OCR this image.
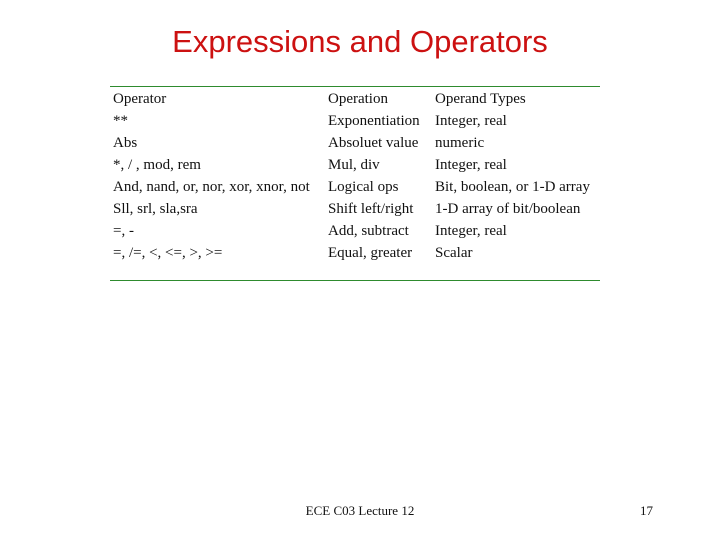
Expressions and Operators
Operator	Operation	Operand Types
**	Exponentiation	Integer, real
Abs	Absoluet value	numeric
*, / , mod, rem	Mul, div	Integer, real
And, nand, or, nor, xor, xnor, not	Logical ops	Bit, boolean, or 1-D array
Sll, srl, sla,sra	Shift left/right	1-D array of bit/boolean
=, -	Add, subtract	Integer, real
=, /=, <, <=, >, >=	Equal, greater	Scalar
ECE C03 Lecture 12	17
